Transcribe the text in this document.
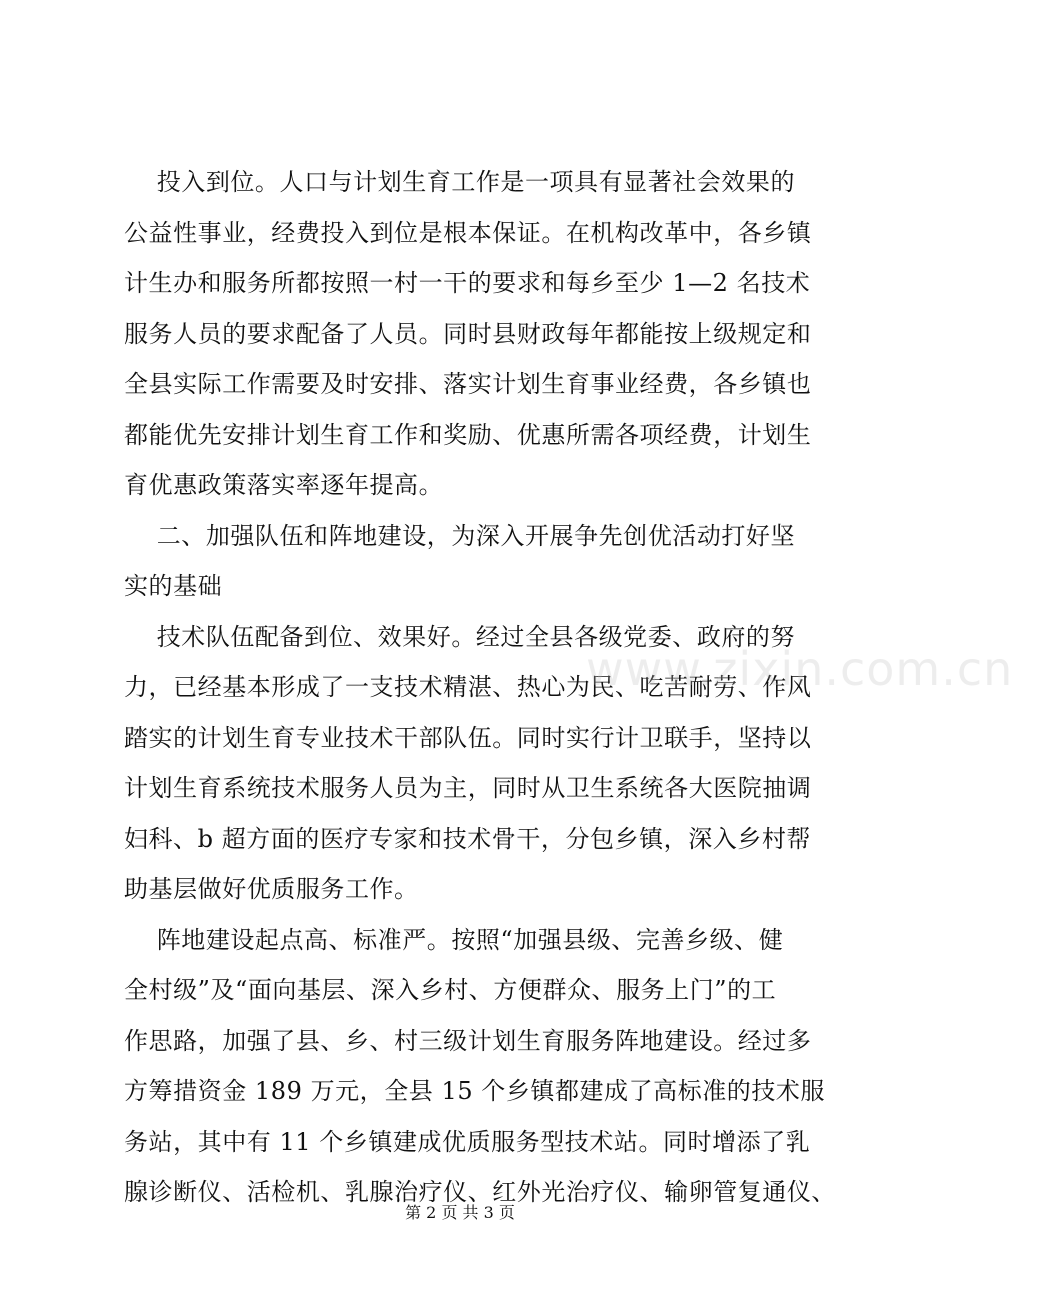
投入到位。人口与计划生育工作是一项具有显著社会效果的
公益性事业，经费投入到位是根本保证。在机构改革中，各乡镇
计生办和服务所都按照一村一干的要求和每乡至少 1—2 名技术
服务人员的要求配备了人员。同时县财政每年都能按上级规定和
全县实际工作需要及时安排、落实计划生育事业经费，各乡镇也
都能优先安排计划生育工作和奖励、优惠所需各项经费，计划生
育优惠政策落实率逐年提高。
二、加强队伍和阵地建设，为深入开展争先创优活动打好坚
实的基础
技术队伍配备到位、效果好。经过全县各级党委、政府的努
力，已经基本形成了一支技术精湛、热心为民、吃苦耐劳、作风
踏实的计划生育专业技术干部队伍。同时实行计卫联手，坚持以
计划生育系统技术服务人员为主，同时从卫生系统各大医院抽调
妇科、b 超方面的医疗专家和技术骨干，分包乡镇，深入乡村帮
助基层做好优质服务工作。
阵地建设起点高、标准严。按照“加强县级、完善乡级、健
全村级”及“面向基层、深入乡村、方便群众、服务上门”的工
作思路，加强了县、乡、村三级计划生育服务阵地建设。经过多
方筹措资金 189 万元，全县 15 个乡镇都建成了高标准的技术服
务站，其中有 11 个乡镇建成优质服务型技术站。同时增添了乳
腺诊断仪、活检机、乳腺治疗仪、红外光治疗仪、输卵管复通仪、
www.zixin.com.cn
第 2 页 共 3 页
